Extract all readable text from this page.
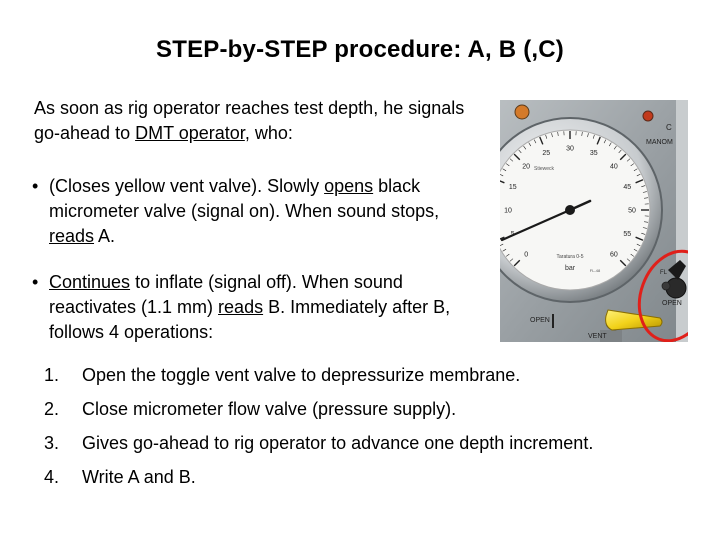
STEP-by-STEP procedure: A, B (,C)
As soon as rig operator reaches test depth, he signals go-ahead to DMT operator, who:
• (Closes yellow vent valve). Slowly opens black micrometer valve (signal on). When sound stops, reads A.
• Continues to inflate (signal off). When sound reactivates (1.1 mm) reads B. Immediately after B, follows 4 operations:
1. Open the toggle vent valve to depressurize membrane.
2. Close micrometer flow valve (pressure supply).
3. Gives go-ahead to rig operator to advance one depth increment.
4. Write A and B.
C
MANOM
0
10
15
20
25
30
35
40
45
50
55
60
bar
Taratura 0-5
FL-48
Stieweck
OPEN
VENT
OPEN
FL
